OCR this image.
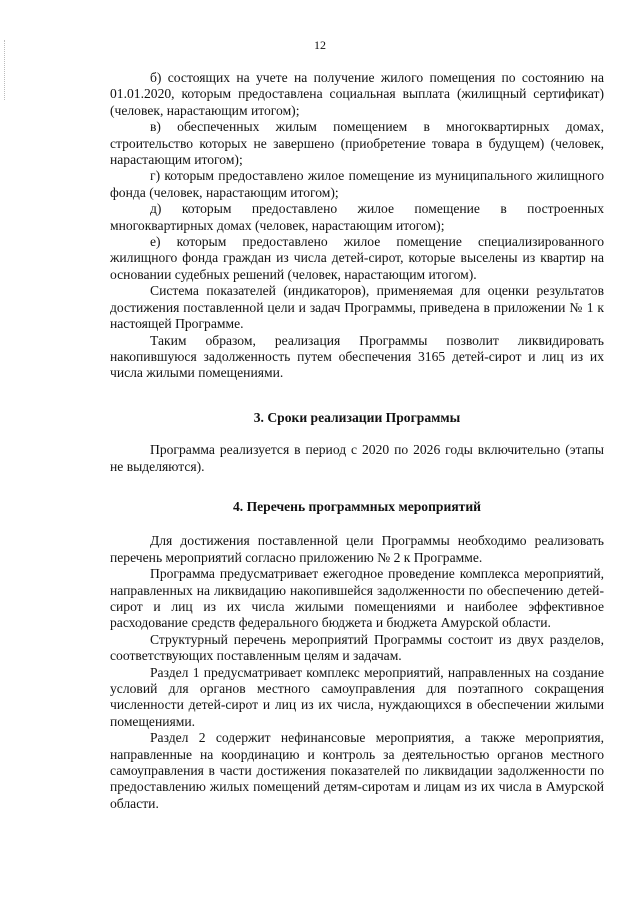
12

б) состоящих на учете на получение жилого помещения по состоянию на 01.01.2020, которым предоставлена социальная выплата (жилищный сертификат) (человек, нарастающим итогом);

в) обеспеченных жилым помещением в многоквартирных домах, строительство которых не завершено (приобретение товара в будущем) (человек, нарастающим итогом);

г) которым предоставлено жилое помещение из муниципального жилищного фонда (человек, нарастающим итогом);

д) которым предоставлено жилое помещение в построенных многоквартирных домах (человек, нарастающим итогом);

е) которым предоставлено жилое помещение специализированного жилищного фонда граждан из числа детей-сирот, которые выселены из квартир на основании судебных решений (человек, нарастающим итогом).

Система показателей (индикаторов), применяемая для оценки результатов достижения поставленной цели и задач Программы, приведена в приложении № 1 к настоящей Программе.

Таким образом, реализация Программы позволит ликвидировать накопившуюся задолженность путем обеспечения 3165 детей-сирот и лиц из их числа жилыми помещениями.

3. Сроки реализации Программы

Программа реализуется в период с 2020 по 2026 годы включительно (этапы не выделяются).

4. Перечень программных мероприятий

Для достижения поставленной цели Программы необходимо реализовать перечень мероприятий согласно приложению № 2 к Программе.

Программа предусматривает ежегодное проведение комплекса мероприятий, направленных на ликвидацию накопившейся задолженности по обеспечению детей-сирот и лиц из их числа жилыми помещениями и наиболее эффективное расходование средств федерального бюджета и бюджета Амурской области.

Структурный перечень мероприятий Программы состоит из двух разделов, соответствующих поставленным целям и задачам.

Раздел 1 предусматривает комплекс мероприятий, направленных на создание условий для органов местного самоуправления для поэтапного сокращения численности детей-сирот и лиц из их числа, нуждающихся в обеспечении жилыми помещениями.

Раздел 2 содержит нефинансовые мероприятия, а также мероприятия, направленные на координацию и контроль за деятельностью органов местного самоуправления в части достижения показателей по ликвидации задолженности по предоставлению жилых помещений детям-сиротам и лицам из их числа в Амурской области.
